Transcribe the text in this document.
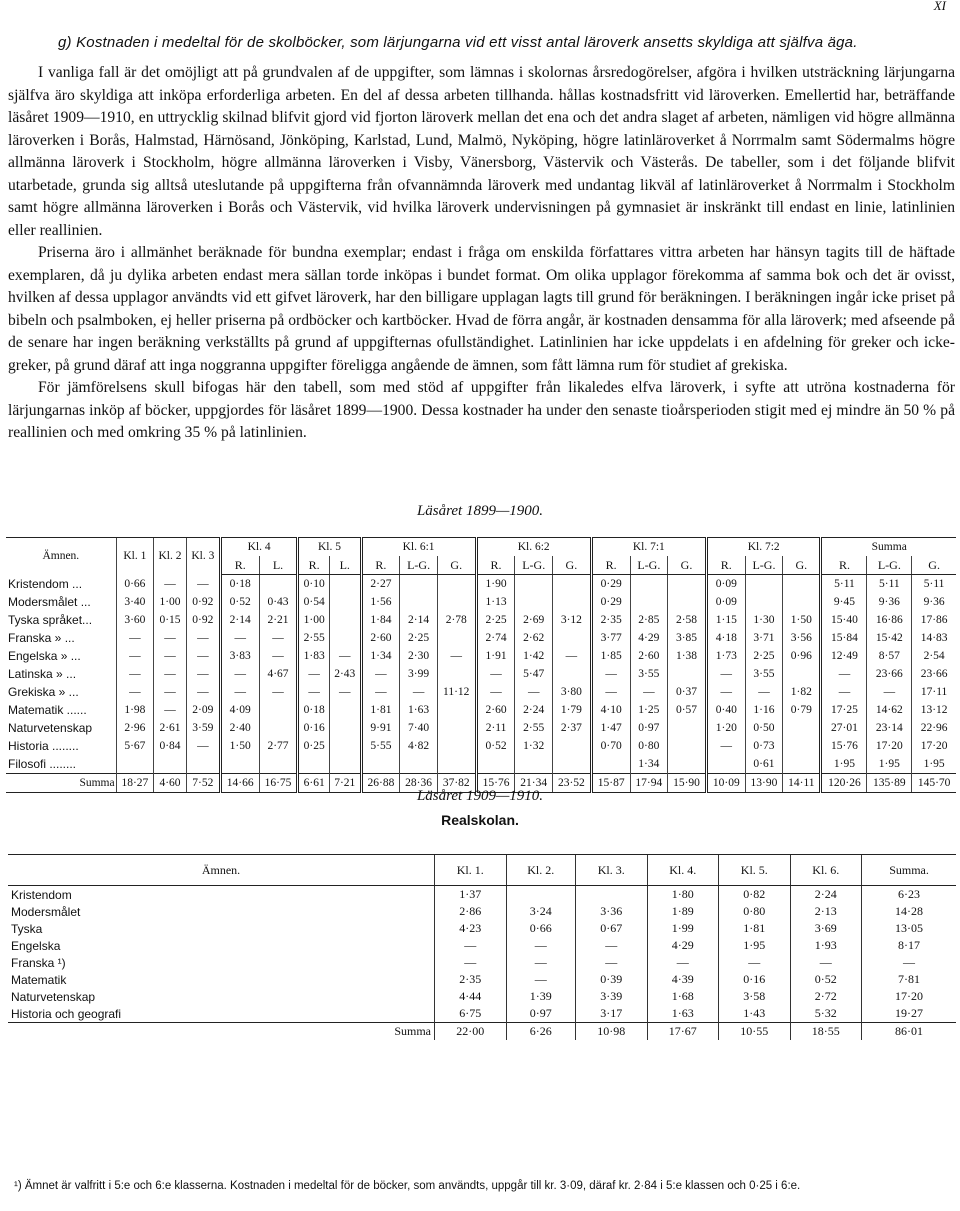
XI
g) Kostnaden i medeltal för de skolböcker, som lärjungarna vid ett visst antal läroverk ansetts skyldiga att själfva äga.

I vanliga fall är det omöjligt att på grundvalen af de uppgifter, som lämnas i skolornas årsredogörelser, afgöra i hvilken utsträckning lärjungarna själfva äro skyldiga att inköpa erforderliga arbeten. En del af dessa arbeten tillhanda. hållas kostnadsfritt vid läroverken. Emellertid har, beträffande läsåret 1909—1910, en uttrycklig skilnad blifvit gjord vid fjorton läroverk mellan det ena och det andra slaget af arbeten, nämligen vid högre allmänna läroverken i Borås, Halmstad, Härnösand, Jönköping, Karlstad, Lund, Malmö, Nyköping, högre latinläroverket å Norrmalm samt Södermalms högre allmänna läroverk i Stockholm, högre allmänna läroverken i Visby, Vänersborg, Västervik och Västerås. De tabeller, som i det följande blifvit utarbetade, grunda sig alltså uteslutande på uppgifterna från ofvannämnda läroverk med undantag likväl af latinläroverket å Norrmalm i Stockholm samt högre allmänna läroverken i Borås och Västervik, vid hvilka läroverk undervisningen på gymnasiet är inskränkt till endast en linie, latinlinien eller reallinien.

Priserna äro i allmänhet beräknade för bundna exemplar; endast i fråga om enskilda författares vittra arbeten har hänsyn tagits till de häftade exemplaren, då ju dylika arbeten endast mera sällan torde inköpas i bundet format. Om olika upplagor förekomma af samma bok och det är ovisst, hvilken af dessa upplagor användts vid ett gifvet läroverk, har den billigare upplagan lagts till grund för beräkningen. I beräkningen ingår icke priset på bibeln och psalmboken, ej heller priserna på ordböcker och kartböcker. Hvad de förra angår, är kostnaden densamma för alla läroverk; med afseende på de senare har ingen beräkning verkställts på grund af uppgifternas ofullständighet. Latinlinien har icke uppdelats i en afdelning för greker och icke-greker, på grund däraf att inga noggranna uppgifter föreligga angående de ämnen, som fått lämna rum för studiet af grekiska.

För jämförelsens skull bifogas här den tabell, som med stöd af uppgifter från likaledes elfva läroverk, i syfte att utröna kostnaderna för lärjungarnas inköp af böcker, uppgjordes för läsåret 1899—1900. Dessa kostnader ha under den senaste tioårsperioden stigit med ej mindre än 50 % på reallinien och med omkring 35 % på latinlinien.

Läsåret 1899—1900.
Ämnen.	Kl. 1	Kl. 2	Kl. 3	Kl. 4		Kl. 5		Kl. 6:1			Kl. 6:2			Kl. 7:1			Kl. 7:2			Summa		
				R.	L.	R.	L.	R.	L-G.	G.	R.	L-G.	G.	R.	L-G.	G.	R.	L-G.	G.	R.	L-G.	G.
Kristendom ...	0·66	—	—	0·18		0·10		2·27			1·90			0·29			0·09			5·11	5·11	5·11
Modersmålet ...	3·40	1·00	0·92	0·52	0·43	0·54		1·56			1·13			0·29			0·09			9·45	9·36	9·36
Tyska språket...	3·60	0·15	0·92	2·14	2·21	1·00		1·84	2·14	2·78	2·25	2·69	3·12	2·35	2·85	2·58	1·15	1·30	1·50	15·40	16·86	17·86
Franska » ...	—	—	—	—	—	2·55		2·60	2·25		2·74	2·62		3·77	4·29	3·85	4·18	3·71	3·56	15·84	15·42	14·83
Engelska » ...	—	—	—	3·83	—	1·83	—	1·34	2·30	—	1·91	1·42	—	1·85	2·60	1·38	1·73	2·25	0·96	12·49	8·57	2·54
Latinska » ...	—	—	—	—	4·67	—	2·43	—	3·99		—	5·47		—	3·55		—	3·55		—	23·66	23·66
Grekiska » ...	—	—	—	—	—	—	—	—	—	11·12	—	—	3·80	—	—	0·37	—	—	1·82	—	—	17·11
Matematik ......	1·98	—	2·09	4·09		0·18		1·81	1·63		2·60	2·24	1·79	4·10	1·25	0·57	0·40	1·16	0·79	17·25	14·62	13·12
Naturvetenskap	2·96	2·61	3·59	2·40		0·16		9·91	7·40		2·11	2·55	2·37	1·47	0·97		1·20	0·50		27·01	23·14	22·96
Historia ........	5·67	0·84	—	1·50	2·77	0·25		5·55	4·82		0·52	1·32		0·70	0·80		—	0·73		15·76	17·20	17·20
Filosofi ........															1·34			0·61		1·95	1·95	1·95
Summa	18·27	4·60	7·52	14·66	16·75	6·61	7·21	26·88	28·36	37·82	15·76	21·34	23·52	15·87	17·94	15·90	10·09	13·90	14·11	120·26	135·89	145·70
Läsåret 1909—1910.
Realskolan.
Ämnen.	Kl. 1.	Kl. 2.	Kl. 3.	Kl. 4.	Kl. 5.	Kl. 6.	Summa.
Kristendom	1·37			1·80	0·82	2·24	6·23
Modersmålet	2·86	3·24	3·36	1·89	0·80	2·13	14·28
Tyska	4·23	0·66	0·67	1·99	1·81	3·69	13·05
Engelska	—	—	—	4·29	1·95	1·93	8·17
Franska ¹)	—	—	—	—	—	—	—
Matematik	2·35	—	0·39	4·39	0·16	0·52	7·81
Naturvetenskap	4·44	1·39	3·39	1·68	3·58	2·72	17·20
Historia och geografi	6·75	0·97	3·17	1·63	1·43	5·32	19·27
Summa	22·00	6·26	10·98	17·67	10·55	18·55	86·01
¹) Ämnet är valfritt i 5:e och 6:e klasserna. Kostnaden i medeltal för de böcker, som användts, uppgår till kr. 3·09, däraf kr. 2·84 i 5:e klassen och 0·25 i 6:e.
